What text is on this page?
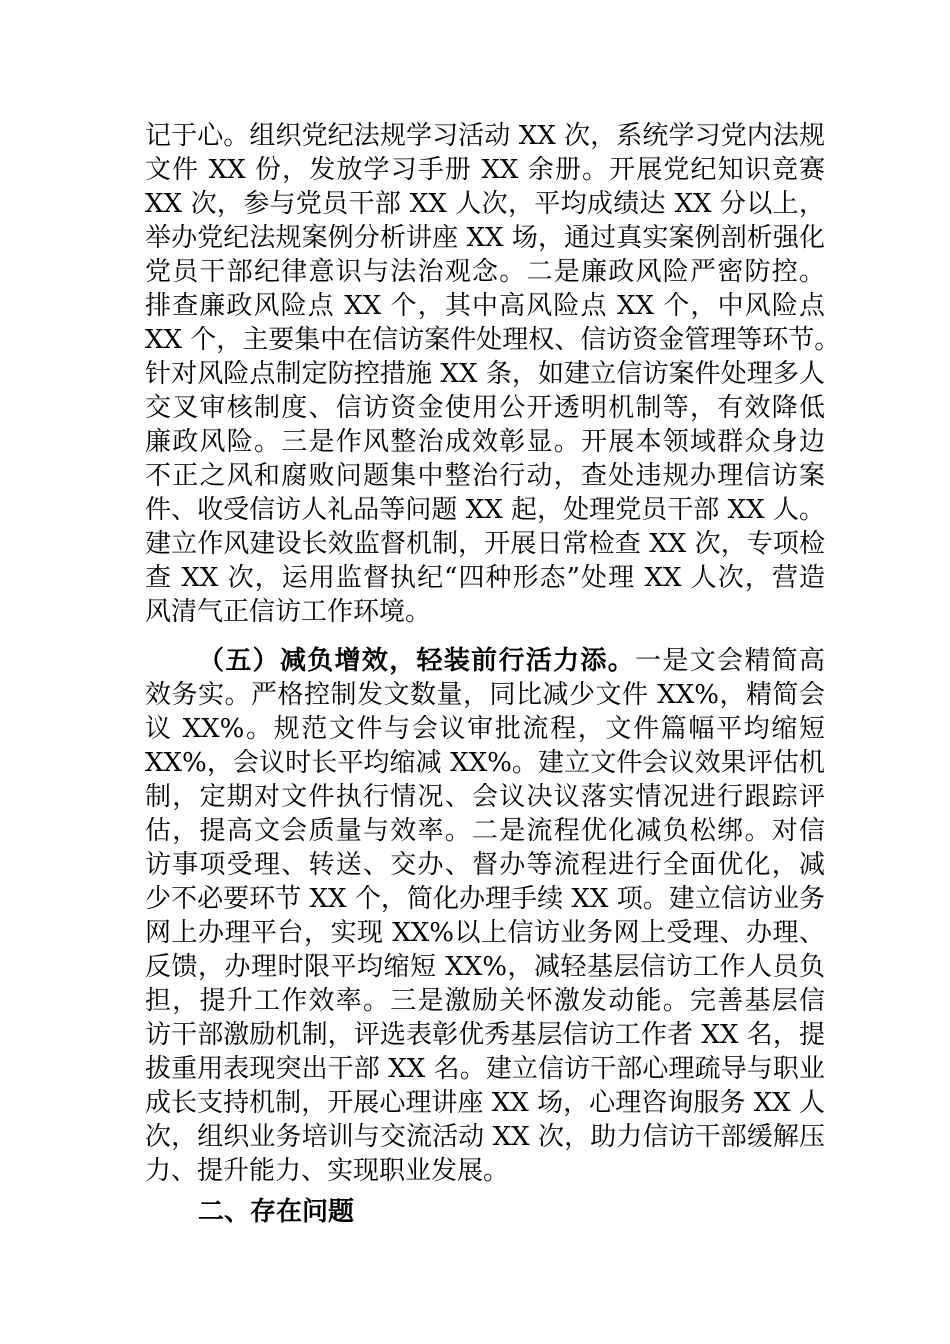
记于心。组织党纪法规学习活动 XX 次，系统学习党内法规
文件 XX 份，发放学习手册 XX 余册。开展党纪知识竞赛
XX 次，参与党员干部 XX 人次，平均成绩达 XX 分以上，
举办党纪法规案例分析讲座 XX 场，通过真实案例剖析强化
党员干部纪律意识与法治观念。二是廉政风险严密防控。
排查廉政风险点 XX 个，其中高风险点 XX 个，中风险点
XX 个，主要集中在信访案件处理权、信访资金管理等环节。
针对风险点制定防控措施 XX 条，如建立信访案件处理多人
交叉审核制度、信访资金使用公开透明机制等，有效降低
廉政风险。三是作风整治成效彰显。开展本领域群众身边
不正之风和腐败问题集中整治行动，查处违规办理信访案
件、收受信访人礼品等问题 XX 起，处理党员干部 XX 人。
建立作风建设长效监督机制，开展日常检查 XX 次，专项检
查 XX 次，运用监督执纪“四种形态”处理 XX 人次，营造
风清气正信访工作环境。
（五）减负增效，轻装前行活力添。一是文会精简高
效务实。严格控制发文数量，同比减少文件 XX%，精简会
议 XX%。规范文件与会议审批流程，文件篇幅平均缩短
XX%，会议时长平均缩减 XX%。建立文件会议效果评估机
制，定期对文件执行情况、会议决议落实情况进行跟踪评
估，提高文会质量与效率。二是流程优化减负松绑。对信
访事项受理、转送、交办、督办等流程进行全面优化，减
少不必要环节 XX 个，简化办理手续 XX 项。建立信访业务
网上办理平台，实现 XX%以上信访业务网上受理、办理、
反馈，办理时限平均缩短 XX%，减轻基层信访工作人员负
担，提升工作效率。三是激励关怀激发动能。完善基层信
访干部激励机制，评选表彰优秀基层信访工作者 XX 名，提
拔重用表现突出干部 XX 名。建立信访干部心理疏导与职业
成长支持机制，开展心理讲座 XX 场，心理咨询服务 XX 人
次，组织业务培训与交流活动 XX 次，助力信访干部缓解压
力、提升能力、实现职业发展。
二、存在问题
